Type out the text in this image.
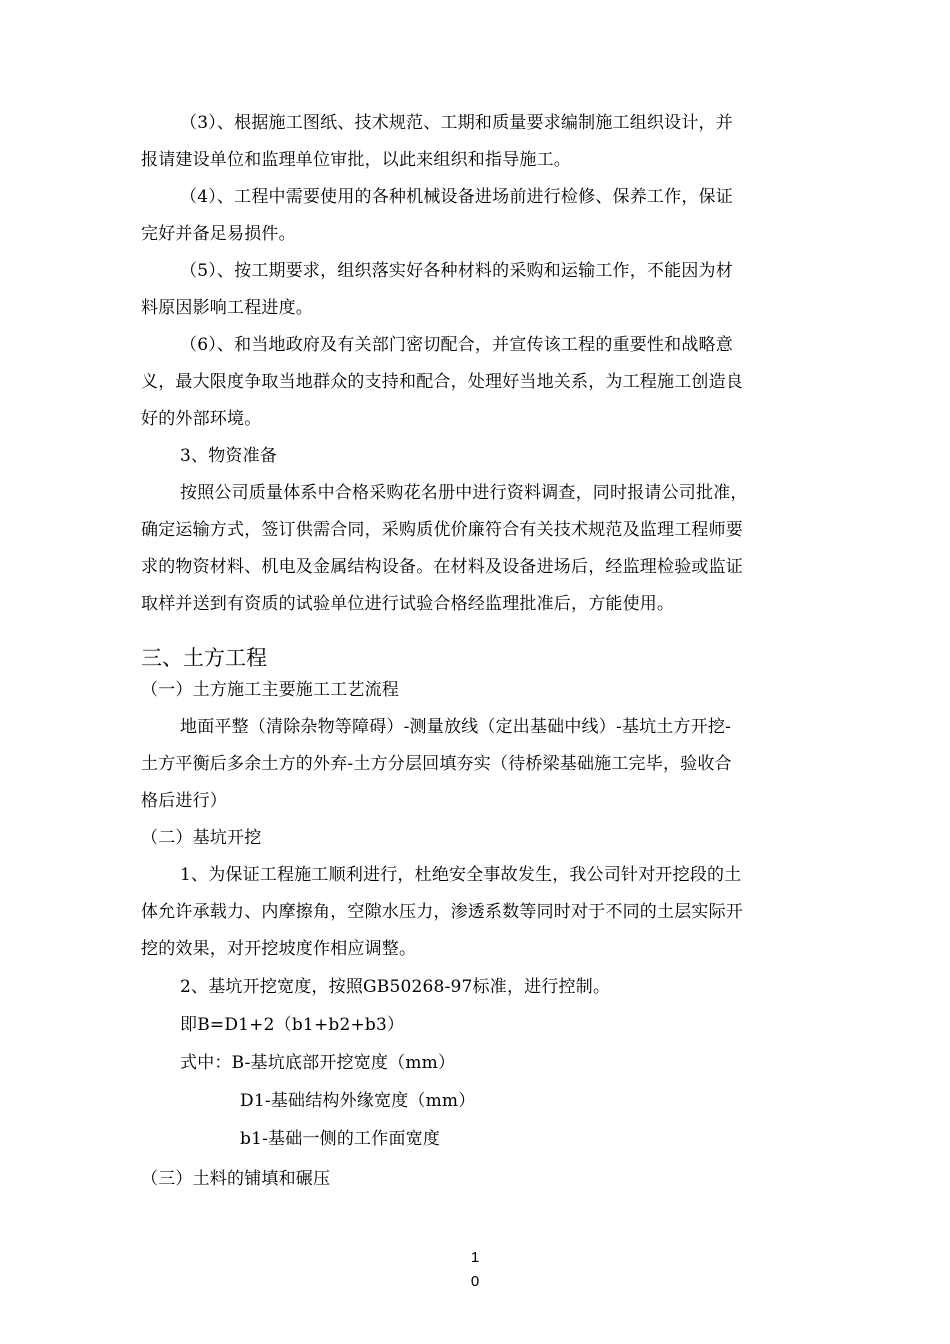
（3）、根据施工图纸、技术规范、工期和质量要求编制施工组织设计，并
报请建设单位和监理单位审批，以此来组织和指导施工。
（4）、工程中需要使用的各种机械设备进场前进行检修、保养工作，保证
完好并备足易损件。
（5）、按工期要求，组织落实好各种材料的采购和运输工作，不能因为材
料原因影响工程进度。
（6）、和当地政府及有关部门密切配合，并宣传该工程的重要性和战略意
义，最大限度争取当地群众的支持和配合，处理好当地关系，为工程施工创造良
好的外部环境。
3、物资准备
按照公司质量体系中合格采购花名册中进行资料调查，同时报请公司批准，
确定运输方式，签订供需合同，采购质优价廉符合有关技术规范及监理工程师要
求的物资材料、机电及金属结构设备。在材料及设备进场后，经监理检验或监证
取样并送到有资质的试验单位进行试验合格经监理批准后，方能使用。
三、土方工程
（一）土方施工主要施工工艺流程
地面平整（清除杂物等障碍）-测量放线（定出基础中线）-基坑土方开挖-
土方平衡后多余土方的外弃-土方分层回填夯实（待桥梁基础施工完毕，验收合
格后进行）
（二）基坑开挖
1、为保证工程施工顺利进行，杜绝安全事故发生，我公司针对开挖段的土
体允许承载力、内摩擦角，空隙水压力，渗透系数等同时对于不同的土层实际开
挖的效果，对开挖坡度作相应调整。
2、基坑开挖宽度，按照GB50268-97标准，进行控制。
即B=D1+2（b1+b2+b3）
式中：B-基坑底部开挖宽度（mm）
D1-基础结构外缘宽度（mm）
b1-基础一侧的工作面宽度
（三）土料的铺填和碾压
1
0
